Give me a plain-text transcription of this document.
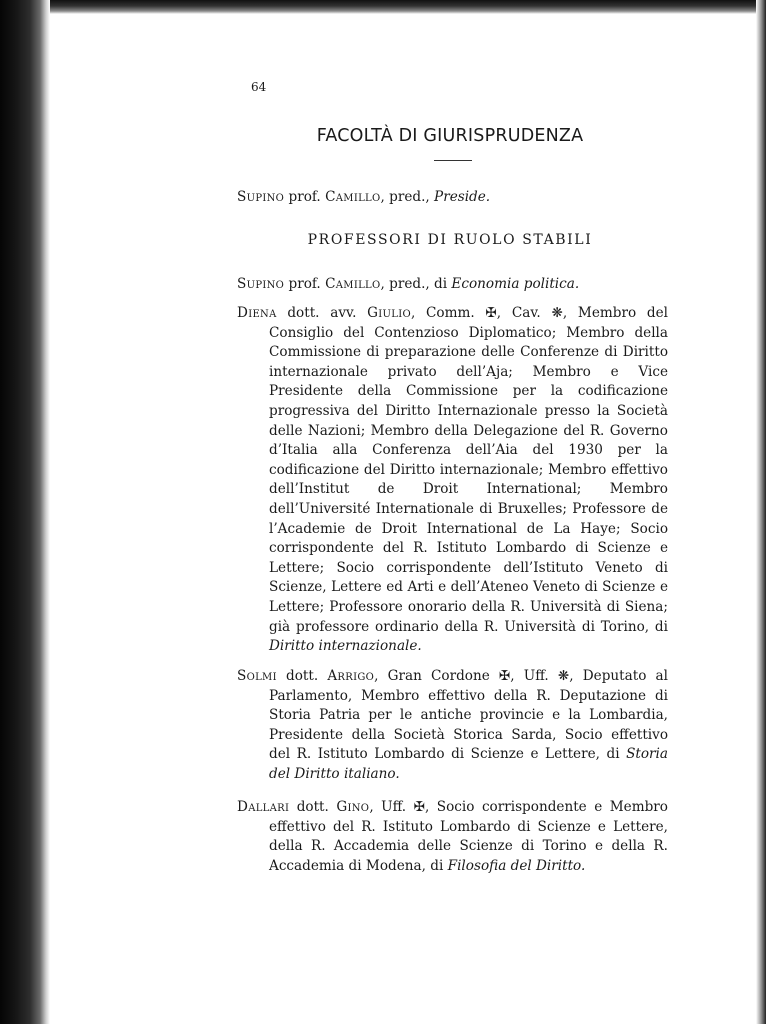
64
FACOLTÀ DI GIURISPRUDENZA
Supino prof. Camillo, pred., Preside.
PROFESSORI DI RUOLO STABILI
Supino prof. Camillo, pred., di Economia politica.
Diena dott. avv. Giulio, Comm. ✠, Cav. ❋, Membro del Consiglio del Contenzioso Diplomatico; Membro della Commissione di preparazione delle Conferenze di Diritto internazionale privato dell’Aja; Membro e Vice Presidente della Commissione per la codificazione progressiva del Diritto Internazionale presso la Società delle Nazioni; Membro della Delegazione del R. Governo d’Italia alla Conferenza dell’Aia del 1930 per la codificazione del Diritto internazionale; Membro effettivo dell’Institut de Droit International; Membro dell’Université Internationale di Bruxelles; Professore de l’Academie de Droit International de La Haye; Socio corrispondente del R. Istituto Lombardo di Scienze e Lettere; Socio corrispondente dell’Istituto Veneto di Scienze, Lettere ed Arti e dell’Ateneo Veneto di Scienze e Lettere; Professore onorario della R. Università di Siena; già professore ordinario della R. Università di Torino, di Diritto internazionale.
Solmi dott. Arrigo, Gran Cordone ✠, Uff. ❋, Deputato al Parlamento, Membro effettivo della R. Deputazione di Storia Patria per le antiche provincie e la Lombardia, Presidente della Società Storica Sarda, Socio effettivo del R. Istituto Lombardo di Scienze e Lettere, di Storia del Diritto italiano.
Dallari dott. Gino, Uff. ✠, Socio corrispondente e Membro effettivo del R. Istituto Lombardo di Scienze e Lettere, della R. Accademia delle Scienze di Torino e della R. Accademia di Modena, di Filosofia del Diritto.
